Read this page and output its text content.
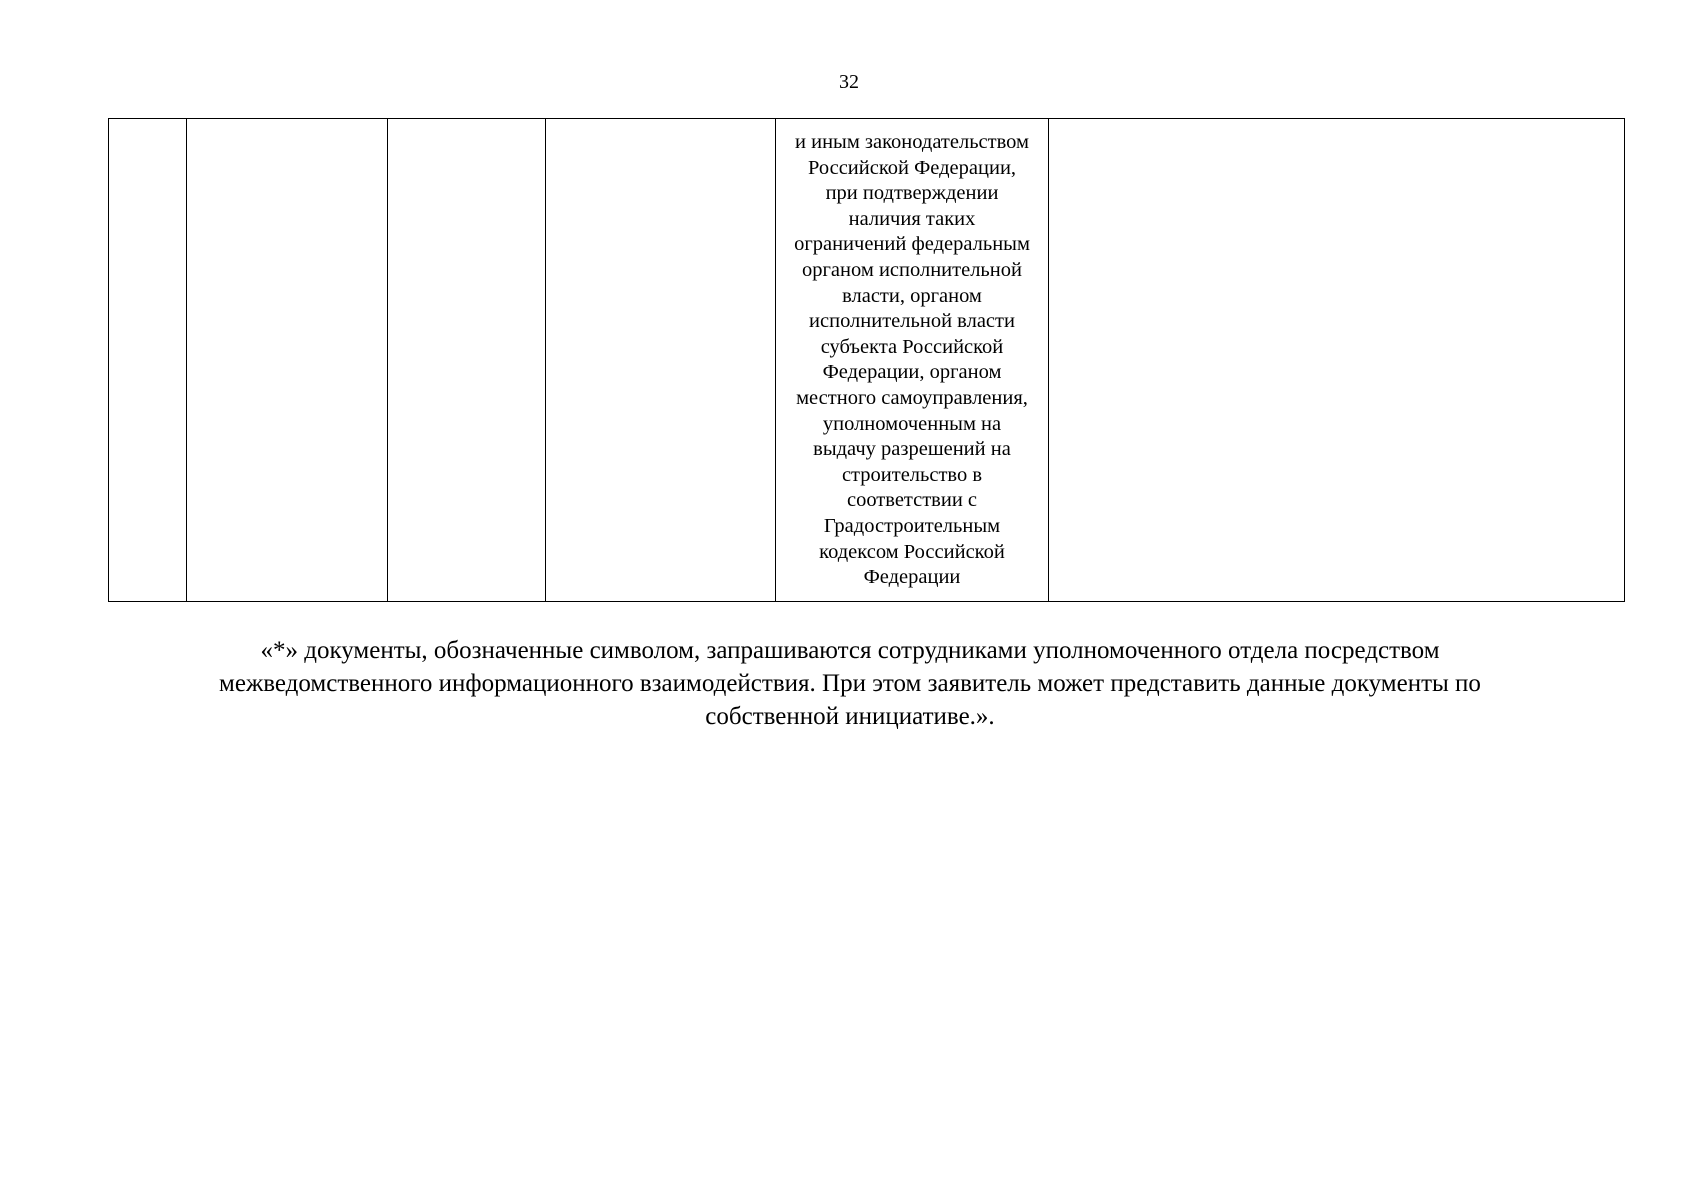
32

и иным законодательством
Российской Федерации,
при подтверждении
наличия таких
ограничений федеральным
органом исполнительной
власти, органом
исполнительной власти
субъекта Российской
Федерации, органом
местного самоуправления,
уполномоченным на
выдачу разрешений на
строительство в
соответствии с
Градостроительным
кодексом Российской
Федерации

«*» документы, обозначенные символом, запрашиваются сотрудниками уполномоченного отдела посредством
межведомственного информационного взаимодействия. При этом заявитель может представить данные документы по
собственной инициативе.».
